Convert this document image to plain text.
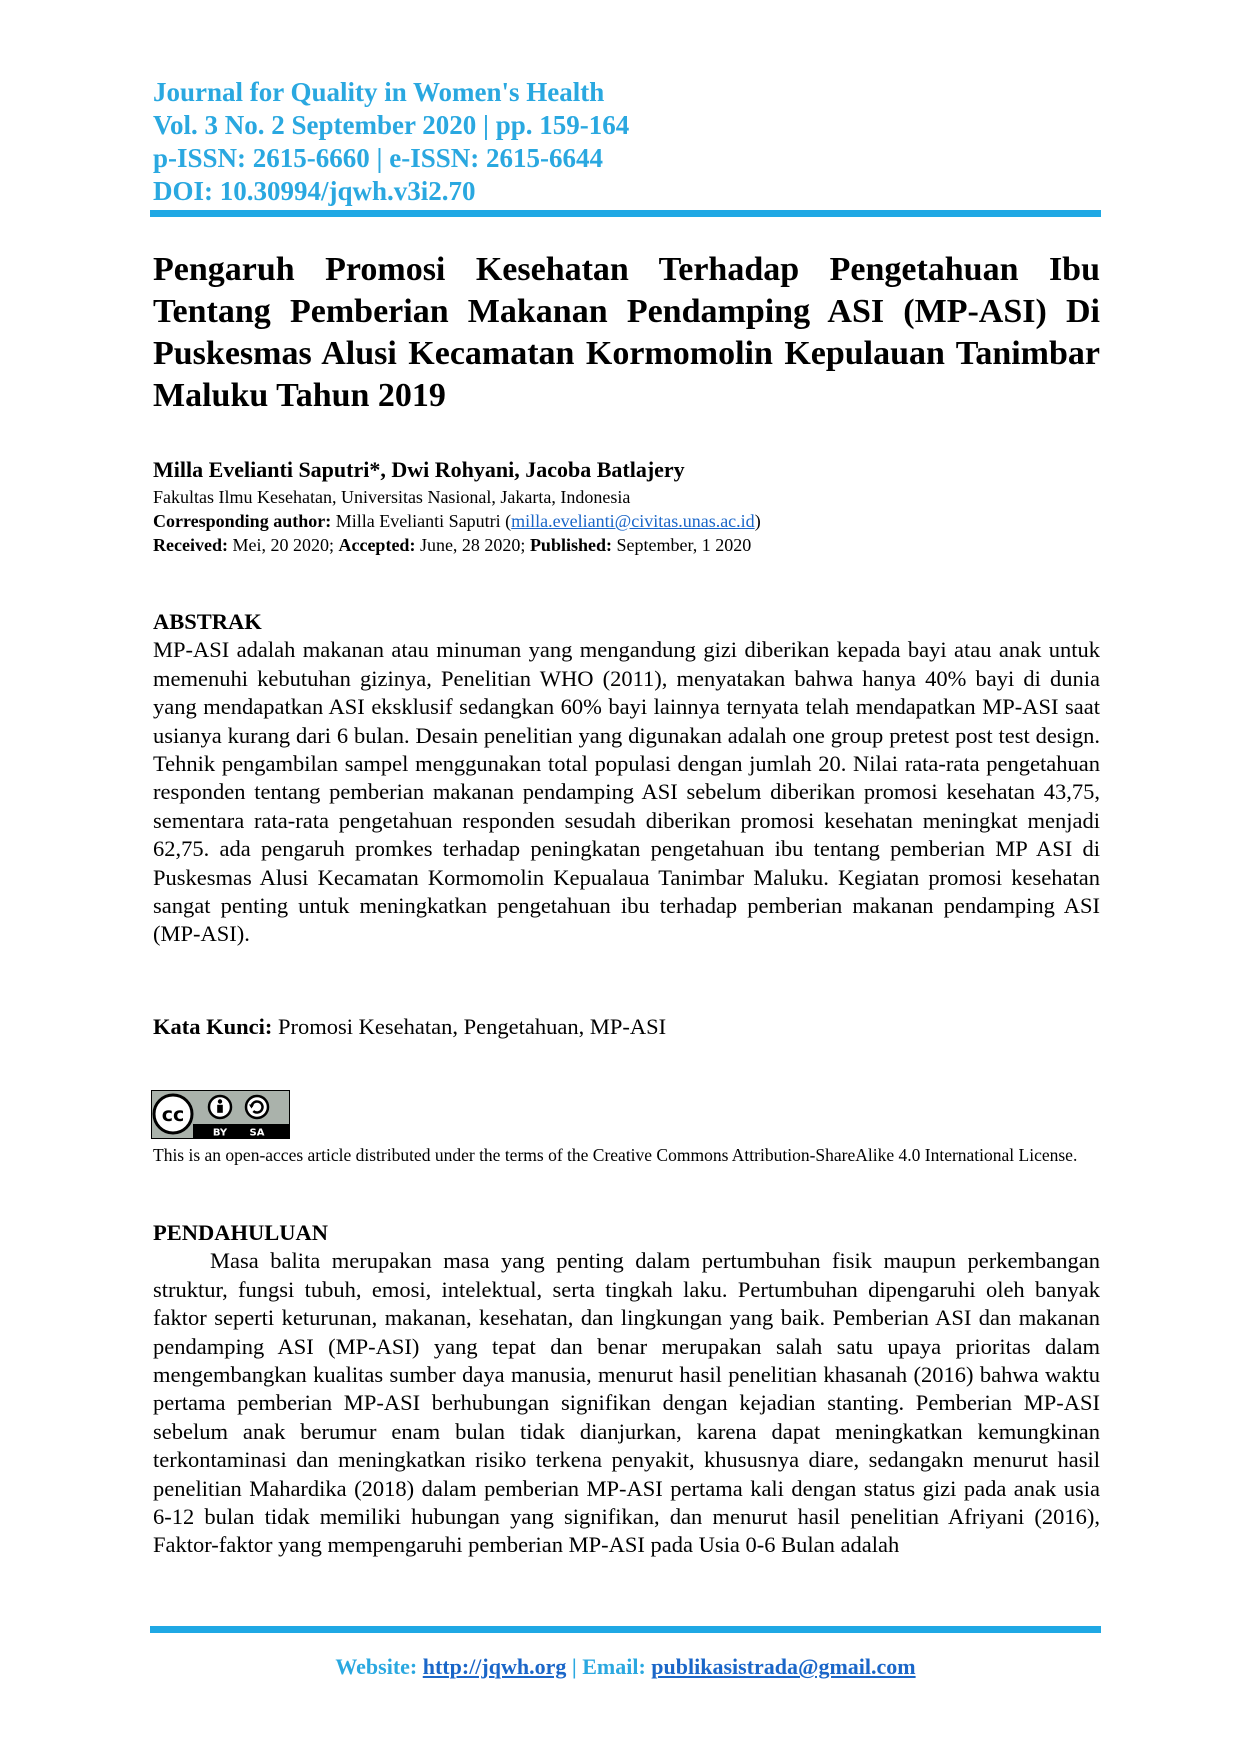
Journal for Quality in Women's Health
Vol. 3 No. 2 September 2020 | pp. 159-164
p-ISSN: 2615-6660 | e-ISSN: 2615-6644
DOI: 10.30994/jqwh.v3i2.70
Pengaruh Promosi Kesehatan Terhadap Pengetahuan Ibu Tentang Pemberian Makanan Pendamping ASI (MP-ASI) Di Puskesmas Alusi Kecamatan Kormomolin Kepulauan Tanimbar Maluku Tahun 2019
Milla Evelianti Saputri*, Dwi Rohyani, Jacoba Batlajery
Fakultas Ilmu Kesehatan, Universitas Nasional, Jakarta, Indonesia
Corresponding author: Milla Evelianti Saputri (milla.evelianti@civitas.unas.ac.id)
Received: Mei, 20 2020; Accepted: June, 28 2020; Published: September, 1 2020
ABSTRAK
MP-ASI adalah makanan atau minuman yang mengandung gizi diberikan kepada bayi atau anak untuk memenuhi kebutuhan gizinya, Penelitian WHO (2011), menyatakan bahwa hanya 40% bayi di dunia yang mendapatkan ASI eksklusif sedangkan 60% bayi lainnya ternyata telah mendapatkan MP-ASI saat usianya kurang dari 6 bulan. Desain penelitian yang digunakan adalah one group pretest post test design. Tehnik pengambilan sampel menggunakan total populasi dengan jumlah 20. Nilai rata-rata pengetahuan responden tentang pemberian makanan pendamping ASI sebelum diberikan promosi kesehatan 43,75, sementara rata-rata pengetahuan responden sesudah diberikan promosi kesehatan meningkat menjadi 62,75. ada pengaruh promkes terhadap peningkatan pengetahuan ibu tentang pemberian MP ASI di Puskesmas Alusi Kecamatan Kormomolin Kepualaua Tanimbar Maluku. Kegiatan promosi kesehatan sangat penting untuk meningkatkan pengetahuan ibu terhadap pemberian makanan pendamping ASI (MP-ASI).
Kata Kunci: Promosi Kesehatan, Pengetahuan, MP-ASI
cc
BY SA
This is an open-acces article distributed under the terms of the Creative Commons Attribution-ShareAlike 4.0 International License.
PENDAHULUAN
Masa balita merupakan masa yang penting dalam pertumbuhan fisik maupun perkembangan struktur, fungsi tubuh, emosi, intelektual, serta tingkah laku. Pertumbuhan dipengaruhi oleh banyak faktor seperti keturunan, makanan, kesehatan, dan lingkungan yang baik. Pemberian ASI dan makanan pendamping ASI (MP-ASI) yang tepat dan benar merupakan salah satu upaya prioritas dalam mengembangkan kualitas sumber daya manusia, menurut hasil penelitian khasanah (2016) bahwa waktu pertama pemberian MP-ASI berhubungan signifikan dengan kejadian stanting. Pemberian MP-ASI sebelum anak berumur enam bulan tidak dianjurkan, karena dapat meningkatkan kemungkinan terkontaminasi dan meningkatkan risiko terkena penyakit, khususnya diare, sedangakn menurut hasil penelitian Mahardika (2018) dalam pemberian MP-ASI pertama kali dengan status gizi pada anak usia 6-12 bulan tidak memiliki hubungan yang signifikan, dan menurut hasil penelitian Afriyani (2016), Faktor-faktor yang mempengaruhi pemberian MP-ASI pada Usia 0-6 Bulan adalah
Website: http://jqwh.org | Email: publikasistrada@gmail.com
